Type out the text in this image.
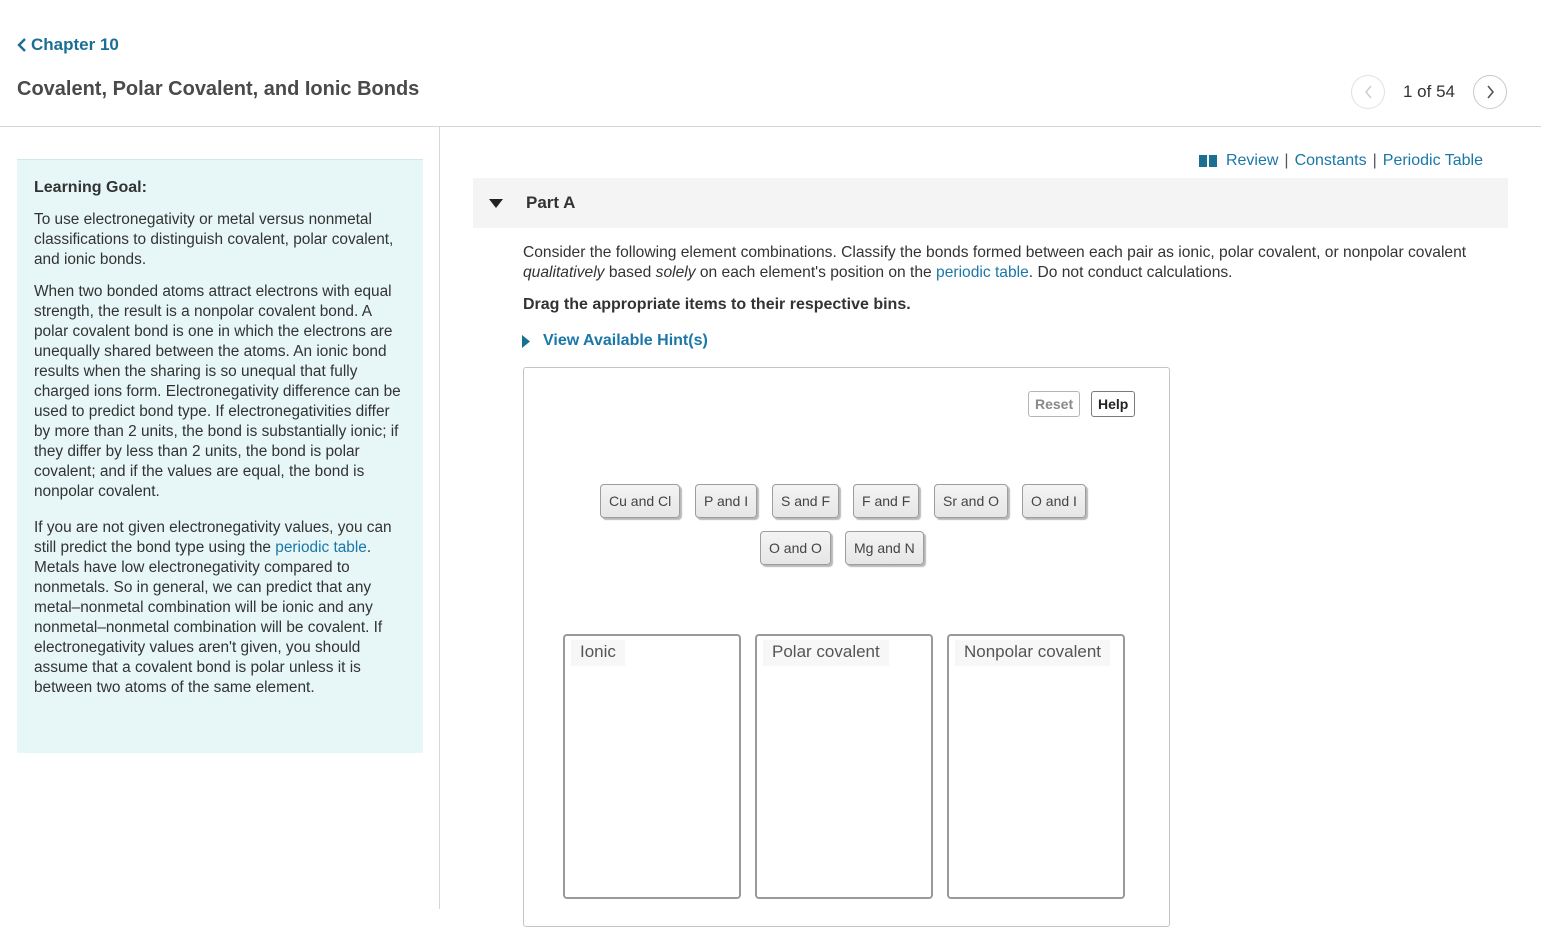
Chapter 10
Covalent, Polar Covalent, and Ionic Bonds	1 of 54

Learning Goal:

To use electronegativity or metal versus nonmetal classifications to distinguish covalent, polar covalent, and ionic bonds.

When two bonded atoms attract electrons with equal strength, the result is a nonpolar covalent bond. A polar covalent bond is one in which the electrons are unequally shared between the atoms. An ionic bond results when the sharing is so unequal that fully charged ions form. Electronegativity difference can be used to predict bond type. If electronegativities differ by more than 2 units, the bond is substantially ionic; if they differ by less than 2 units, the bond is polar covalent; and if the values are equal, the bond is nonpolar covalent.

If you are not given electronegativity values, you can still predict the bond type using the periodic table. Metals have low electronegativity compared to nonmetals. So in general, we can predict that any metal–nonmetal combination will be ionic and any nonmetal–nonmetal combination will be covalent. If electronegativity values aren't given, you should assume that a covalent bond is polar unless it is between two atoms of the same element.

Review | Constants | Periodic Table
Part A

Consider the following element combinations. Classify the bonds formed between each pair as ionic, polar covalent, or nonpolar covalent qualitatively based solely on each element's position on the periodic table. Do not conduct calculations.

Drag the appropriate items to their respective bins.
View Available Hint(s)
Reset	Help
Cu and Cl	P and I	S and F	F and F	Sr and O	O and I
O and O	Mg and N
Ionic	Polar covalent	Nonpolar covalent
